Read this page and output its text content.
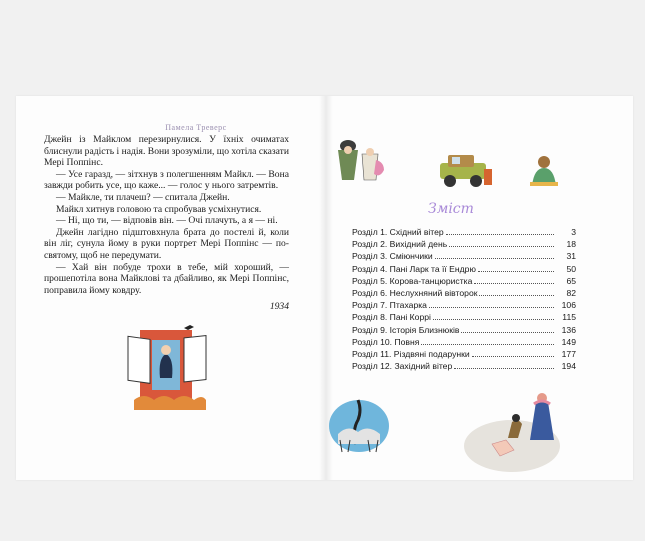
Памела Треверс

Джейн із Майклом перезирнулися. У їхніх очиматах блиснули радість і надія. Вони зрозуміли, що хотіла сказати Мері Поппінс.

— Усе гаразд, — зітхнув з полегшенням Майкл. — Вона завжди робить усе, що каже... — голос у нього затремтів.

— Майкле, ти плачеш? — спитала Джейн.

Майкл хитнув головою та спробував усміхнутися.

— Ні, що ти, — відповів він. — Очі плачуть, а я — ні.

Джейн лагідно підштовхнула брата до постелі й, коли він ліг, сунула йому в руки портрет Мері Поппінс — по-святому, щоб не передумати.

— Хай він побуде трохи в тебе, мій хороший, — прошепотіла вона Майклові та дбайливо, як Мері Поппінс, поправила йому ковдру.

1934

Зміст
Розділ 1. Східний вітер	3
Розділ 2. Вихідний день	18
Розділ 3. Сміюнчики	31
Розділ 4. Пані Ларк та її Ендрю	50
Розділ 5. Корова-танцюристка	65
Розділ 6. Неслухняний вівторок	82
Розділ 7. Птахарка	106
Розділ 8. Пані Коррі	115
Розділ 9. Історія Близнюків	136
Розділ 10. Повня	149
Розділ 11. Різдвяні подарунки	177
Розділ 12. Західний вітер	194
